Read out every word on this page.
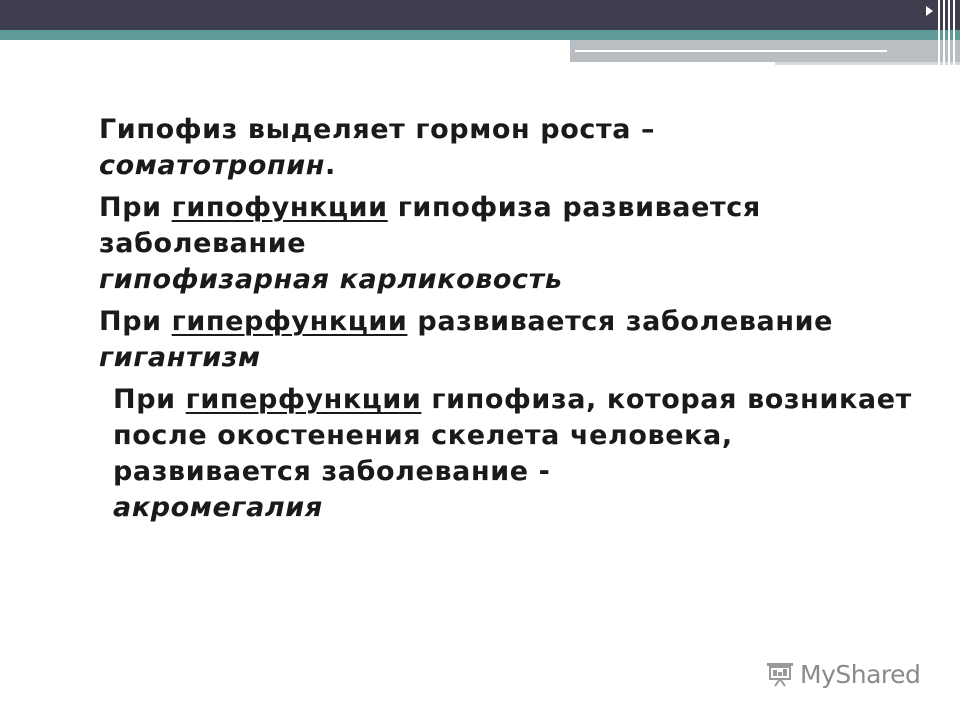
Гипофиз выделяет гормон роста –
соматотропин.

При гипофункции гипофиза развивается заболевание
гипофизарная карликовость

При гиперфункции развивается заболевание гигантизм

При гиперфункции гипофиза, которая возникает после окостенения скелета человека, развивается заболевание -
акромегалия

MyShared
